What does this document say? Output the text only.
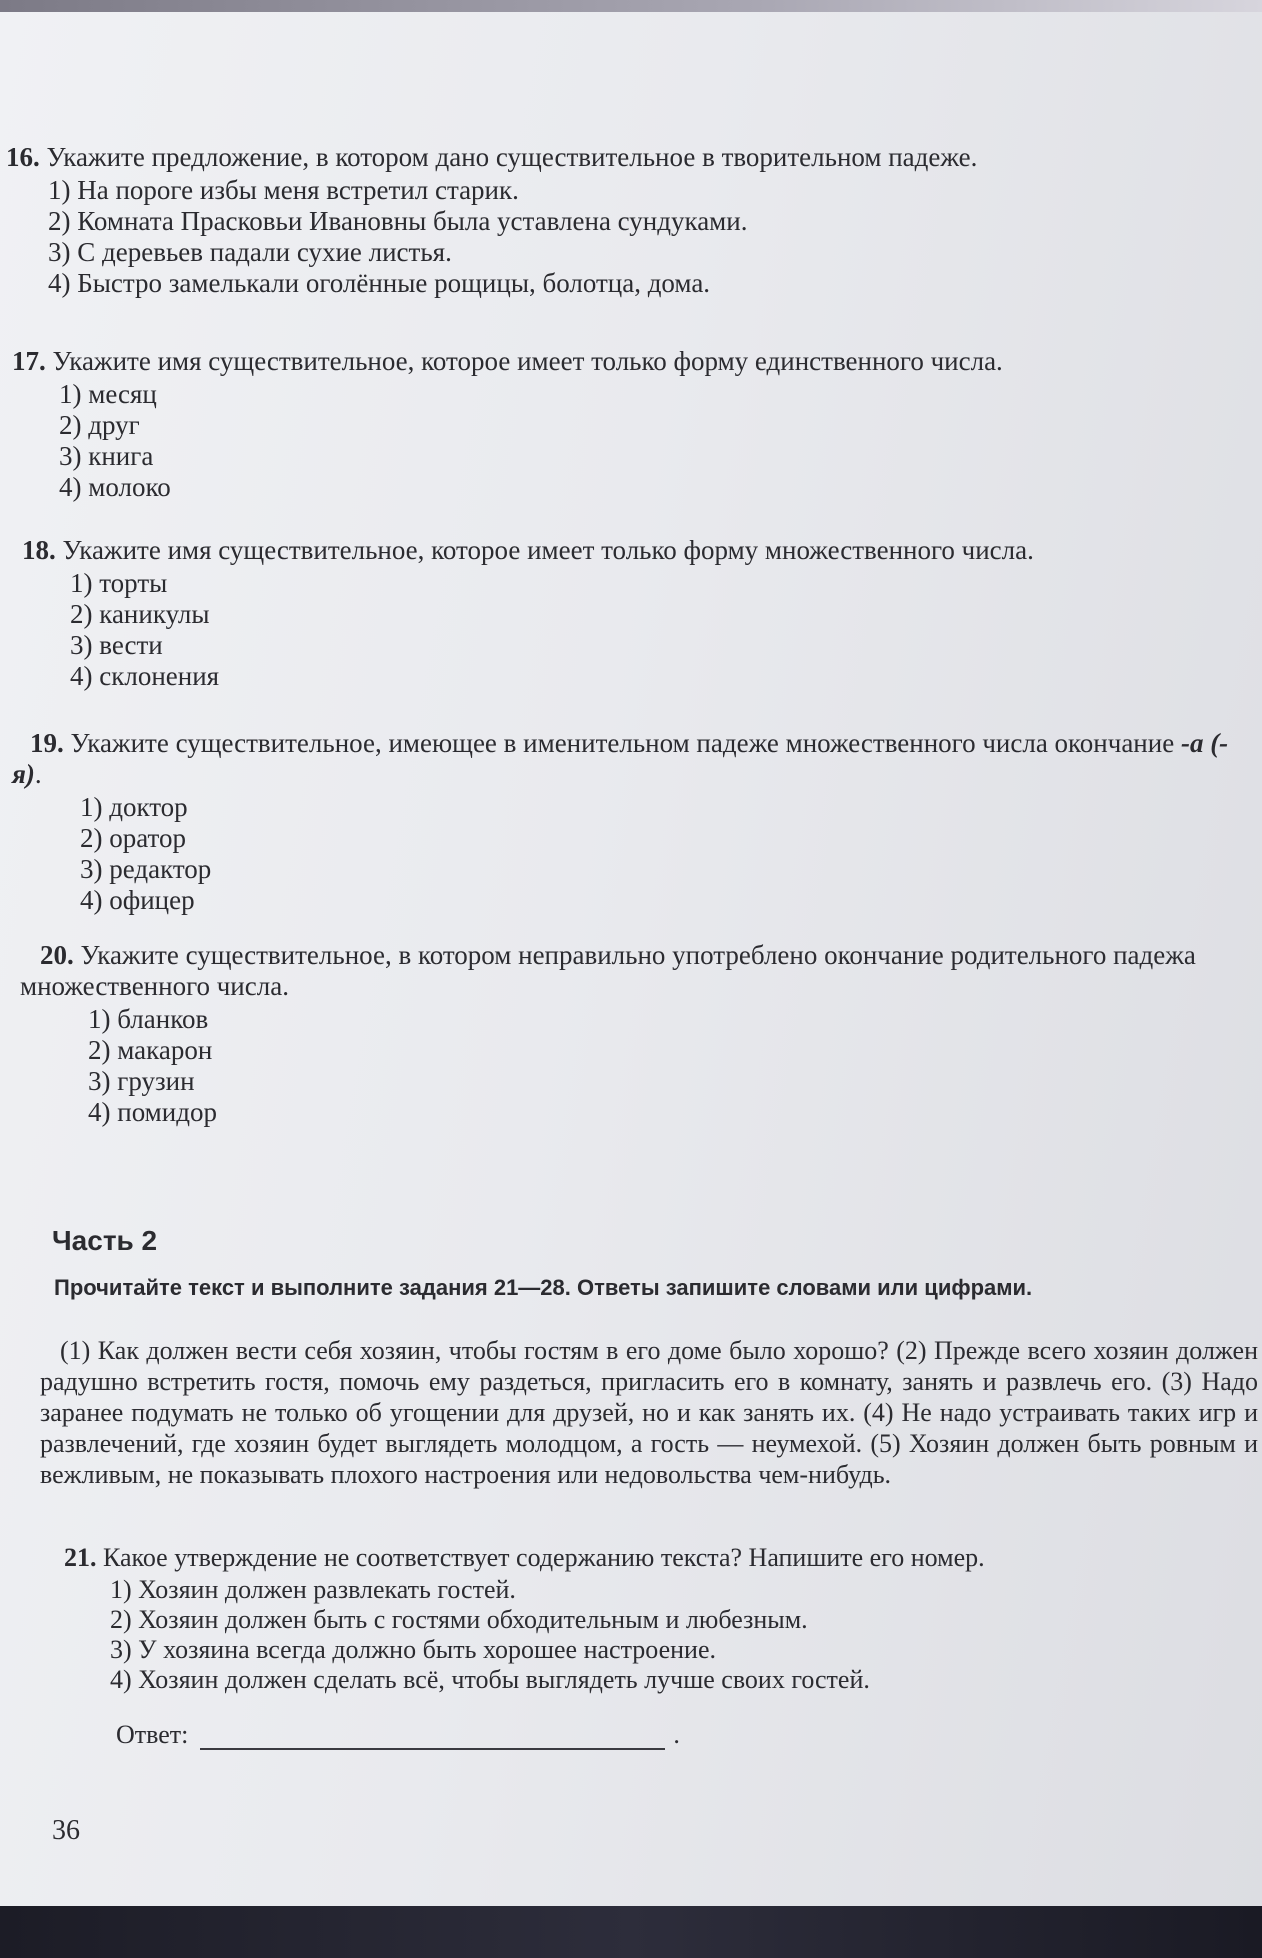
16. Укажите предложение, в котором дано существительное в творительном падеже.
1) На пороге избы меня встретил старик.
2) Комната Прасковьи Ивановны была уставлена сундуками.
3) С деревьев падали сухие листья.
4) Быстро замелькали оголённые рощицы, болотца, дома.
17. Укажите имя существительное, которое имеет только форму единственного числа.
1) месяц
2) друг
3) книга
4) молоко
18. Укажите имя существительное, которое имеет только форму множественного числа.
1) торты
2) каникулы
3) вести
4) склонения
19. Укажите существительное, имеющее в именительном падеже множественного числа окончание -а (-я).
1) доктор
2) оратор
3) редактор
4) офицер
20. Укажите существительное, в котором неправильно употреблено окончание родительного падежа множественного числа.
1) бланков
2) макарон
3) грузин
4) помидор
Часть 2
Прочитайте текст и выполните задания 21—28. Ответы запишите словами или цифрами.
(1) Как должен вести себя хозяин, чтобы гостям в его доме было хорошо? (2) Прежде всего хозяин должен радушно встретить гостя, помочь ему раздеться, пригласить его в комнату, занять и развлечь его. (3) Надо заранее подумать не только об угощении для друзей, но и как занять их. (4) Не надо устраивать таких игр и развлечений, где хозяин будет выглядеть молодцом, а гость — неумехой. (5) Хозяин должен быть ровным и вежливым, не показывать плохого настроения или недовольства чем-нибудь.
21. Какое утверждение не соответствует содержанию текста? Напишите его номер.
1) Хозяин должен развлекать гостей.
2) Хозяин должен быть с гостями обходительным и любезным.
3) У хозяина всегда должно быть хорошее настроение.
4) Хозяин должен сделать всё, чтобы выглядеть лучше своих гостей.
Ответ:	.
36
